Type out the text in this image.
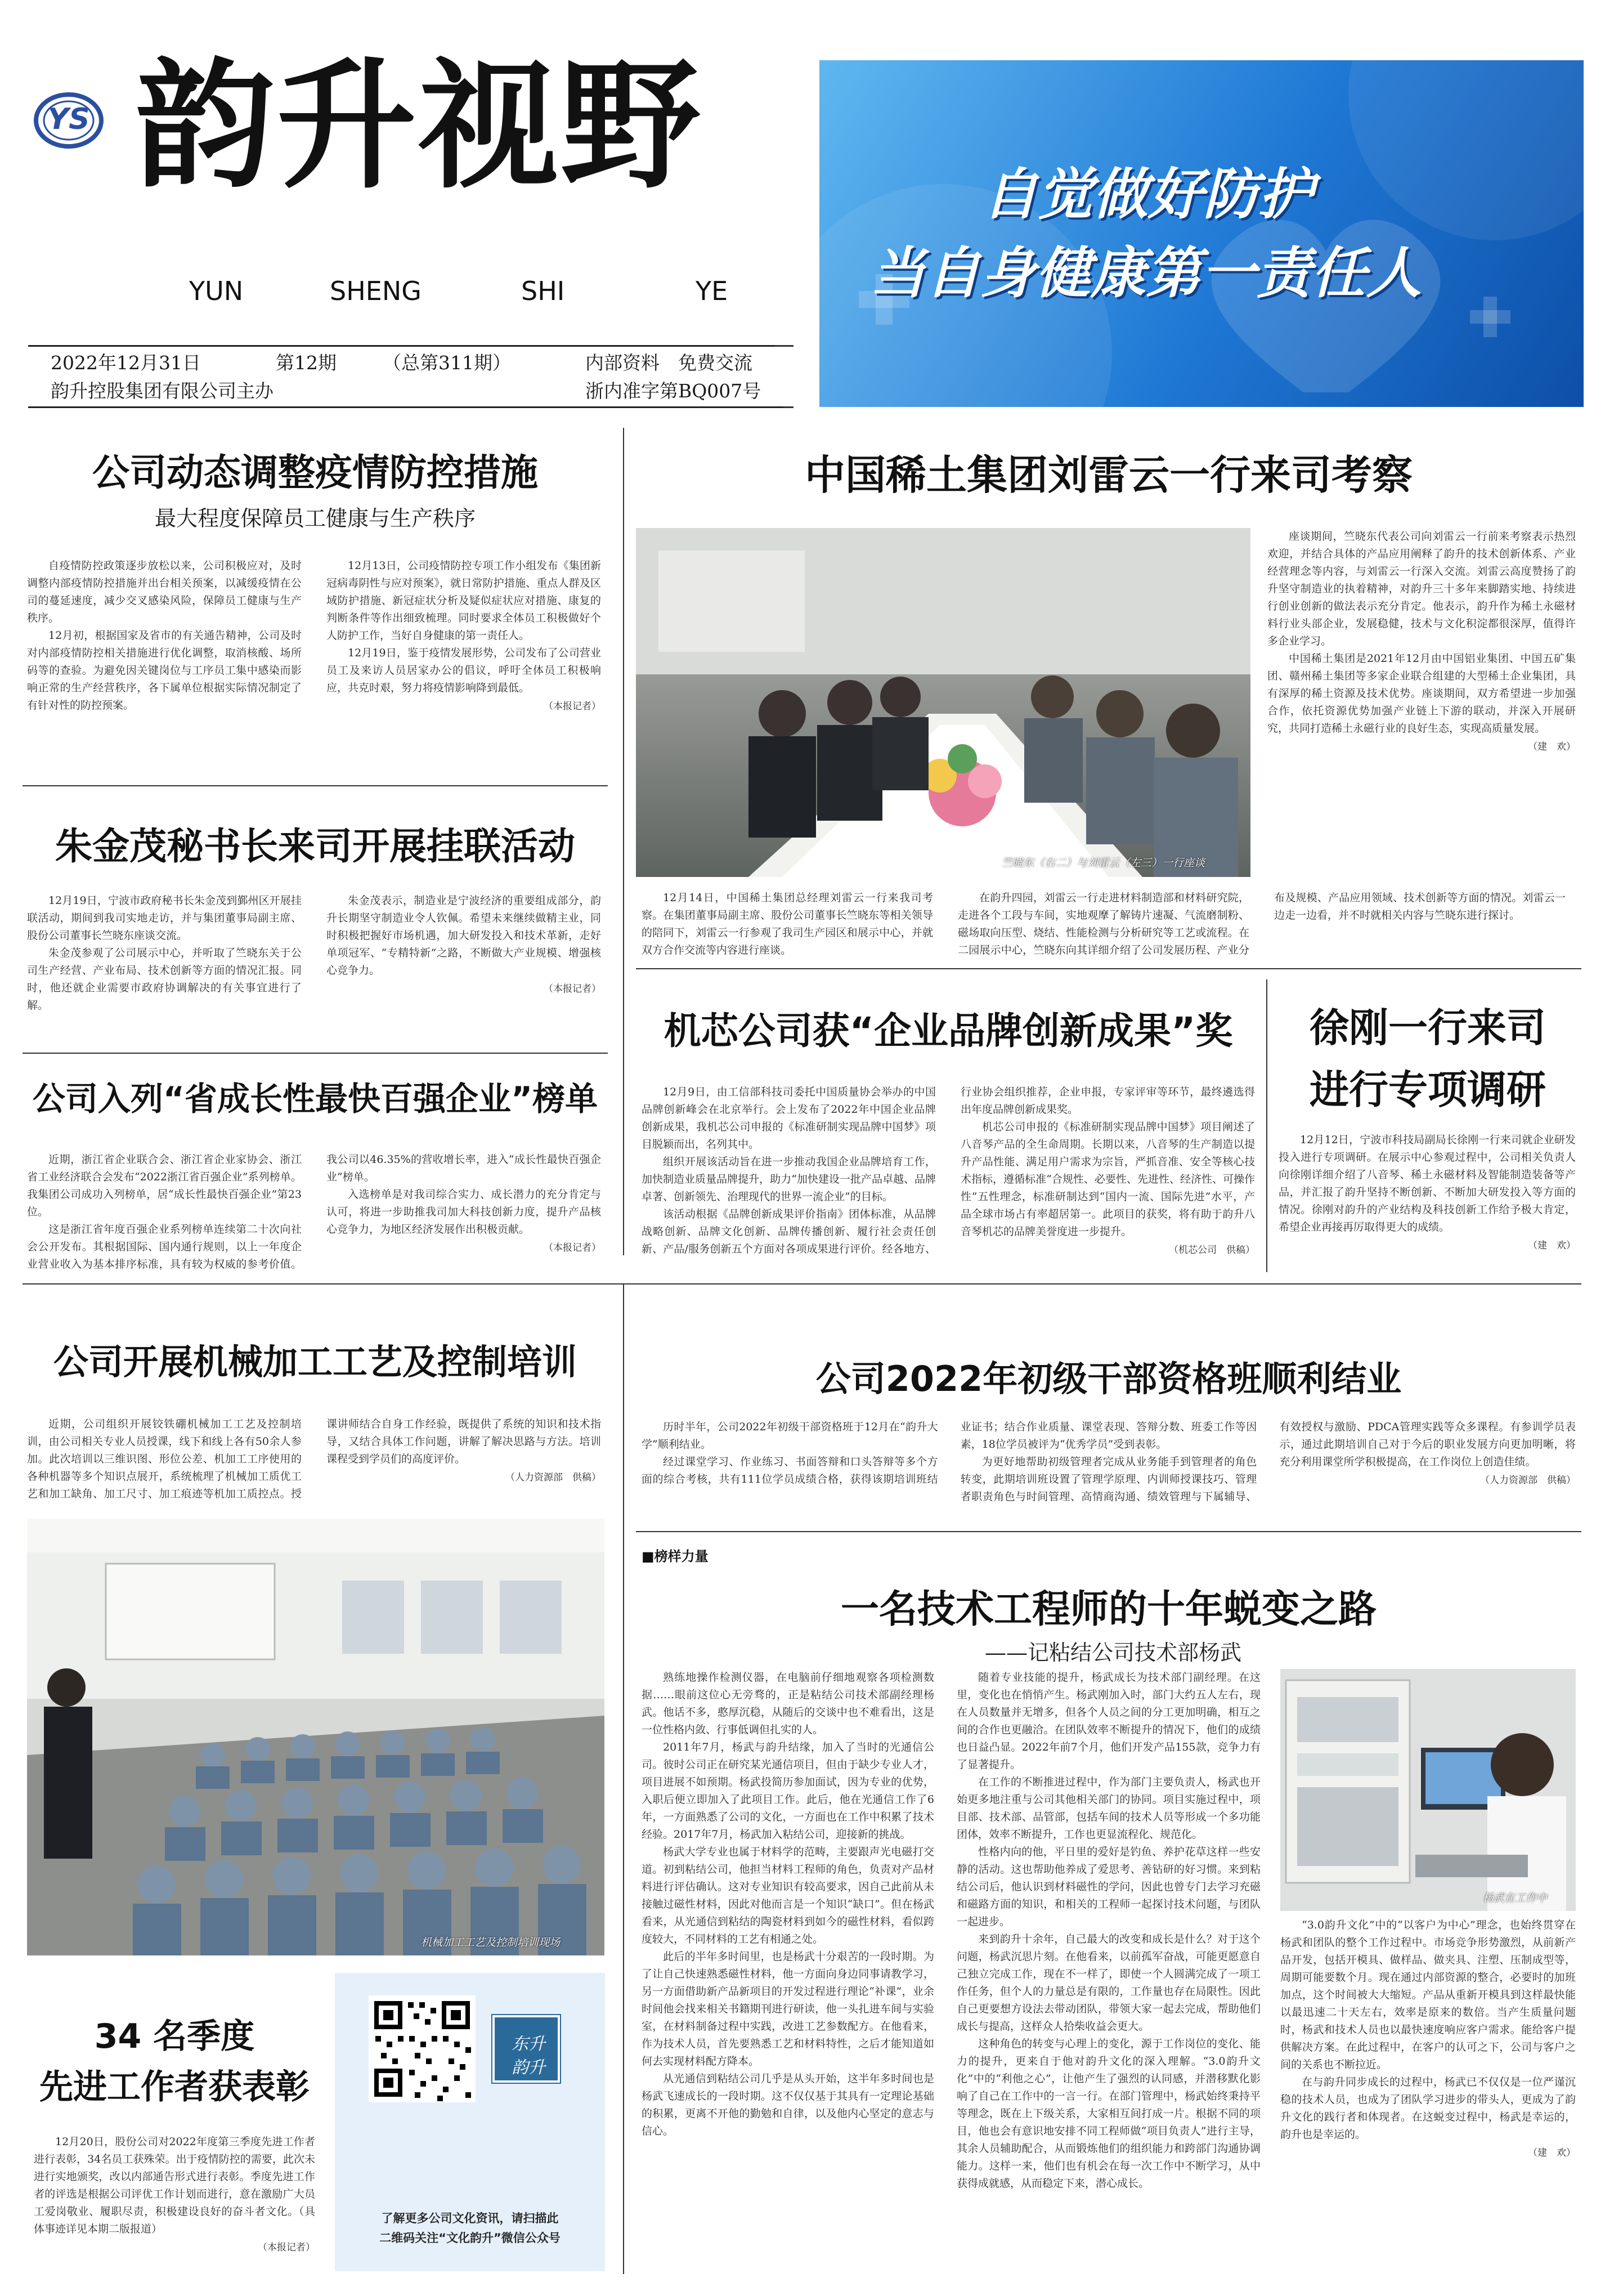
YS 韵升视野
YUN	SHENG	SHI	YE
2022年12月31日	第12期 （总第311期）	内部资料　免费交流
韵升控股集团有限公司主办	浙内准字第BQ007号
自觉做好防护
当自身健康第一责任人
公司动态调整疫情防控措施
最大程度保障员工健康与生产秩序

自疫情防控政策逐步放松以来，公司积极应对，及时调整内部疫情防控措施并出台相关预案，以减缓疫情在公司的蔓延速度，减少交叉感染风险，保障员工健康与生产秩序。

12月初，根据国家及省市的有关通告精神，公司及时对内部疫情防控相关措施进行优化调整，取消核酸、场所码等的查验。为避免因关键岗位与工序员工集中感染而影响正常的生产经营秩序，各下属单位根据实际情况制定了有针对性的防控预案。

12月13日，公司疫情防控专项工作小组发布《集团新冠病毒阴性与应对预案》，就日常防护措施、重点人群及区域防护措施、新冠症状分析及疑似症状应对措施、康复的判断条件等作出细致梳理。同时要求全体员工积极做好个人防护工作，当好自身健康的第一责任人。

12月19日，鉴于疫情发展形势，公司发布了公司营业员工及来访人员居家办公的倡议，呼吁全体员工积极响应，共克时艰，努力将疫情影响降到最低。

（本报记者）
中国稀土集团刘雷云一行来司考察
竺晓东（右二）与刘雷云（左三）一行座谈

12月14日，中国稀土集团总经理刘雷云一行来我司考察。在集团董事局副主席、股份公司董事长竺晓东等相关领导的陪同下，刘雷云一行参观了我司生产园区和展示中心，并就双方合作交流等内容进行座谈。

在韵升四园，刘雷云一行走进材料制造部和材料研究院，走进各个工段与车间，实地观摩了解铸片速凝、气流磨制粉、磁场取向压型、烧结、性能检测与分析研究等工艺或流程。在二园展示中心，竺晓东向其详细介绍了公司发展历程、产业分布及规模、产品应用领域、技术创新等方面的情况。刘雷云一边走一边看，并不时就相关内容与竺晓东进行探讨。

座谈期间，竺晓东代表公司向刘雷云一行前来考察表示热烈欢迎，并结合具体的产品应用阐释了韵升的技术创新体系、产业经营理念等内容，与刘雷云一行深入交流。刘雷云高度赞扬了韵升坚守制造业的执着精神，对韵升三十多年来脚踏实地、持续进行创业创新的做法表示充分肯定。他表示，韵升作为稀土永磁材料行业头部企业，发展稳健，技术与文化积淀都很深厚，值得许多企业学习。

中国稀土集团是2021年12月由中国铝业集团、中国五矿集团、赣州稀土集团等多家企业联合组建的大型稀土企业集团，具有深厚的稀土资源及技术优势。座谈期间，双方希望进一步加强合作，依托资源优势加强产业链上下游的联动，并深入开展研究，共同打造稀土永磁行业的良好生态，实现高质量发展。

（建　欢）
朱金茂秘书长来司开展挂联活动

12月19日，宁波市政府秘书长朱金茂到鄞州区开展挂联活动，期间到我司实地走访，并与集团董事局副主席、股份公司董事长竺晓东座谈交流。

朱金茂参观了公司展示中心，并听取了竺晓东关于公司生产经营、产业布局、技术创新等方面的情况汇报。同时，他还就企业需要市政府协调解决的有关事宜进行了解。

朱金茂表示，制造业是宁波经济的重要组成部分，韵升长期坚守制造业令人钦佩。希望未来继续做精主业，同时积极把握好市场机遇，加大研发投入和技术革新，走好单项冠军、“专精特新”之路，不断做大产业规模、增强核心竞争力。

（本报记者）
公司入列“省成长性最快百强企业”榜单

近期，浙江省企业联合会、浙江省企业家协会、浙江省工业经济联合会发布“2022浙江省百强企业”系列榜单。我集团公司成功入列榜单，居“成长性最快百强企业”第23位。

这是浙江省年度百强企业系列榜单连续第二十次向社会公开发布。其根据国际、国内通行规则，以上一年度企业营业收入为基本排序标准，具有较为权威的参考价值。我公司以46.35%的营收增长率，进入“成长性最快百强企业”榜单。

入选榜单是对我司综合实力、成长潜力的充分肯定与认可，将进一步助推我司加大科技创新力度，提升产品核心竞争力，为地区经济发展作出积极贡献。

（本报记者）
机芯公司获“企业品牌创新成果”奖

12月9日，由工信部科技司委托中国质量协会举办的中国品牌创新峰会在北京举行。会上发布了2022年中国企业品牌创新成果，我机芯公司申报的《标准研制实现品牌中国梦》项目脱颖而出，名列其中。

组织开展该活动旨在进一步推动我国企业品牌培育工作，加快制造业质量品牌提升，助力“加快建设一批产品卓越、品牌卓著、创新领先、治理现代的世界一流企业”的目标。

该活动根据《品牌创新成果评价指南》团体标准，从品牌战略创新、品牌文化创新、品牌传播创新、履行社会责任创新、产品/服务创新五个方面对各项成果进行评价。经各地方、行业协会组织推荐，企业申报，专家评审等环节，最终遴选得出年度品牌创新成果奖。

机芯公司申报的《标准研制实现品牌中国梦》项目阐述了八音琴产品的全生命周期。长期以来，八音琴的生产制造以提升产品性能、满足用户需求为宗旨，严抓音准、安全等核心技术指标，遵循标准“合规性、必要性、先进性、经济性、可操作性”五性理念，标准研制达到“国内一流、国际先进”水平，产品全球市场占有率超居第一。此项目的获奖，将有助于韵升八音琴机芯的品牌美誉度进一步提升。

（机芯公司　供稿）
徐刚一行来司
进行专项调研

12月12日，宁波市科技局副局长徐刚一行来司就企业研发投入进行专项调研。在展示中心参观过程中，公司相关负责人向徐刚详细介绍了八音琴、稀土永磁材料及智能制造装备等产品，并汇报了韵升坚持不断创新、不断加大研发投入等方面的情况。徐刚对韵升的产业结构及科技创新工作给予极大肯定，希望企业再接再厉取得更大的成绩。

（建　欢）
公司开展机械加工工艺及控制培训

近期，公司组织开展铰铁硼机械加工工艺及控制培训，由公司相关专业人员授课，线下和线上各有50余人参加。此次培训以三维识图、形位公差、机加工工序使用的各种机器等多个知识点展开，系统梳理了机械加工质优工艺和加工缺角、加工尺寸、加工痕迹等机加工质控点。授课讲师结合自身工作经验，既提供了系统的知识和技术指导，又结合具体工作问题，讲解了解决思路与方法。培训课程受到学员们的高度评价。

（人力资源部　供稿）
机械加工工艺及控制培训现场
公司2022年初级干部资格班顺利结业

历时半年，公司2022年初级干部资格班于12月在“韵升大学”顺利结业。

经过课堂学习、作业练习、书面答辩和口头答辩等多个方面的综合考核，共有111位学员成绩合格，获得该期培训班结业证书；结合作业质量、课堂表现、答辩分数、班委工作等因素，18位学员被评为“优秀学员”受到表彰。

为更好地帮助初级管理者完成从业务能手到管理者的角色转变，此期培训班设置了管理学原理、内训师授课技巧、管理者职责角色与时间管理、高情商沟通、绩效管理与下属辅导、有效授权与激励、PDCA管理实践等众多课程。有参训学员表示，通过此期培训自己对于今后的职业发展方向更加明晰，将充分利用课堂所学积极提高，在工作岗位上创造佳绩。

（人力资源部　供稿）
■榜样力量
一名技术工程师的十年蜕变之路
——记粘结公司技术部杨武
杨武在工作中

熟练地操作检测仪器，在电脑前仔细地观察各项检测数据……眼前这位心无旁骛的，正是粘结公司技术部副经理杨武。他话不多，憨厚沉稳，从随后的交谈中也不难看出，这是一位性格内敛、行事低调但扎实的人。

2011年7月，杨武与韵升结缘，加入了当时的光通信公司。彼时公司正在研究某光通信项目，但由于缺少专业人才，项目进展不如预期。杨武投简历参加面试，因为专业的优势，入职后便立即加入了此项目工作。此后，他在光通信工作了6年，一方面熟悉了公司的文化，一方面也在工作中积累了技术经验。2017年7月，杨武加入粘结公司，迎接新的挑战。

杨武大学专业也属于材料学的范畴，主要跟声光电磁打交道。初到粘结公司，他担当材料工程师的角色，负责对产品材料进行评估确认。这对专业知识有较高要求，因自己此前从未接触过磁性材料，因此对他而言是一个知识“缺口”。但在杨武看来，从光通信到粘结的陶瓷材料到如今的磁性材料，看似跨度较大，不同材料的工艺有相通之处。

此后的半年多时间里，也是杨武十分艰苦的一段时期。为了让自己快速熟悉磁性材料，他一方面向身边同事请教学习，另一方面借助新产品新项目的开发过程进行理论“补课”，业余时间他会找来相关书籍期刊进行研读，他一头扎进车间与实验室，在材料制备过程中实践，改进工艺参数配方。在他看来，作为技术人员，首先要熟悉工艺和材料特性，之后才能知道如何去实现材料配方降本。

从光通信到粘结公司几乎是从头开始，这半年多时间也是杨武飞速成长的一段时期。这不仅仅基于其具有一定理论基础的积累，更离不开他的勤勉和自律，以及他内心坚定的意志与信心。

随着专业技能的提升，杨武成长为技术部门副经理。在这里，变化也在悄悄产生。杨武刚加入时，部门大约五人左右，现在人员数量并无增多，但各个人员之间的分工更加明确，相互之间的合作也更融洽。在团队效率不断提升的情况下，他们的成绩也日益凸显。2022年前7个月，他们开发产品155款，竞争力有了显著提升。

在工作的不断推进过程中，作为部门主要负责人，杨武也开始更多地注重与公司其他相关部门的协同。项目实施过程中，项目部、技术部、品管部，包括车间的技术人员等形成一个多功能团体，效率不断提升，工作也更显流程化、规范化。

性格内向的他，平日里的爱好是钓鱼、养护花草这样一些安静的活动。这也帮助他养成了爱思考、善钻研的好习惯。来到粘结公司后，他认识到材料磁性的学问，因此也曾专门去学习充磁和磁路方面的知识，和相关的工程师一起探讨技术问题，与团队一起进步。

来到韵升十余年，自己最大的改变和成长是什么？对于这个问题，杨武沉思片刻。在他看来，以前孤军奋战，可能更愿意自己独立完成工作，现在不一样了，即使一个人圆满完成了一项工作任务，但个人的力量总是有限的，工作量也存在局限性。因此自己更要想方设法去带动团队，带领大家一起去完成，帮助他们成长与提高，这样众人拾柴收益会更大。

这种角色的转变与心理上的变化，源于工作岗位的变化、能力的提升，更来自于他对韵升文化的深入理解。“3.0韵升文化”中的“利他之心”，让他产生了强烈的认同感，并潜移默化影响了自己在工作中的一言一行。在部门管理中，杨武始终秉持平等理念，既在上下级关系，大家相互间打成一片。根据不同的项目，他也会有意识地安排不同工程师做“项目负责人”进行主导，其余人员辅助配合，从而锻炼他们的组织能力和跨部门沟通协调能力。这样一来，他们也有机会在每一次工作中不断学习，从中获得成就感，从而稳定下来，潜心成长。

“3.0韵升文化”中的“以客户为中心”理念，也始终贯穿在杨武和团队的整个工作过程中。市场竞争形势激烈，从前新产品开发，包括开模具、做样品、做夹具、注塑、压制成型等，周期可能要数个月。现在通过内部资源的整合，必要时的加班加点，这个时间被大大缩短。产品从重新开模具到这样最快能以最迅速二十天左右，效率是原来的数倍。当产生质量问题时，杨武和技术人员也以最快速度响应客户需求。能给客户提供解决方案。在此过程中，在客户的认可之下，公司与客户之间的关系也不断拉近。

在与韵升同步成长的过程中，杨武已不仅仅是一位严谨沉稳的技术人员，也成为了团队学习进步的带头人，更成为了韵升文化的践行者和体现者。在这蜕变过程中，杨武是幸运的，韵升也是幸运的。

（建　欢）
34 名季度
先进工作者获表彰

12月20日，股份公司对2022年度第三季度先进工作者进行表彰，34名员工获殊荣。出于疫情防控的需要，此次未进行实地颁奖，改以内部通告形式进行表彰。季度先进工作者的评选是根据公司评优工作计划而进行，意在激励广大员工爱岗敬业、履职尽责，积极建设良好的奋斗者文化。（具体事迹详见本期二版报道）

（本报记者）
东升
韵升
了解更多公司文化资讯，请扫描此
二维码关注“文化韵升”微信公众号
